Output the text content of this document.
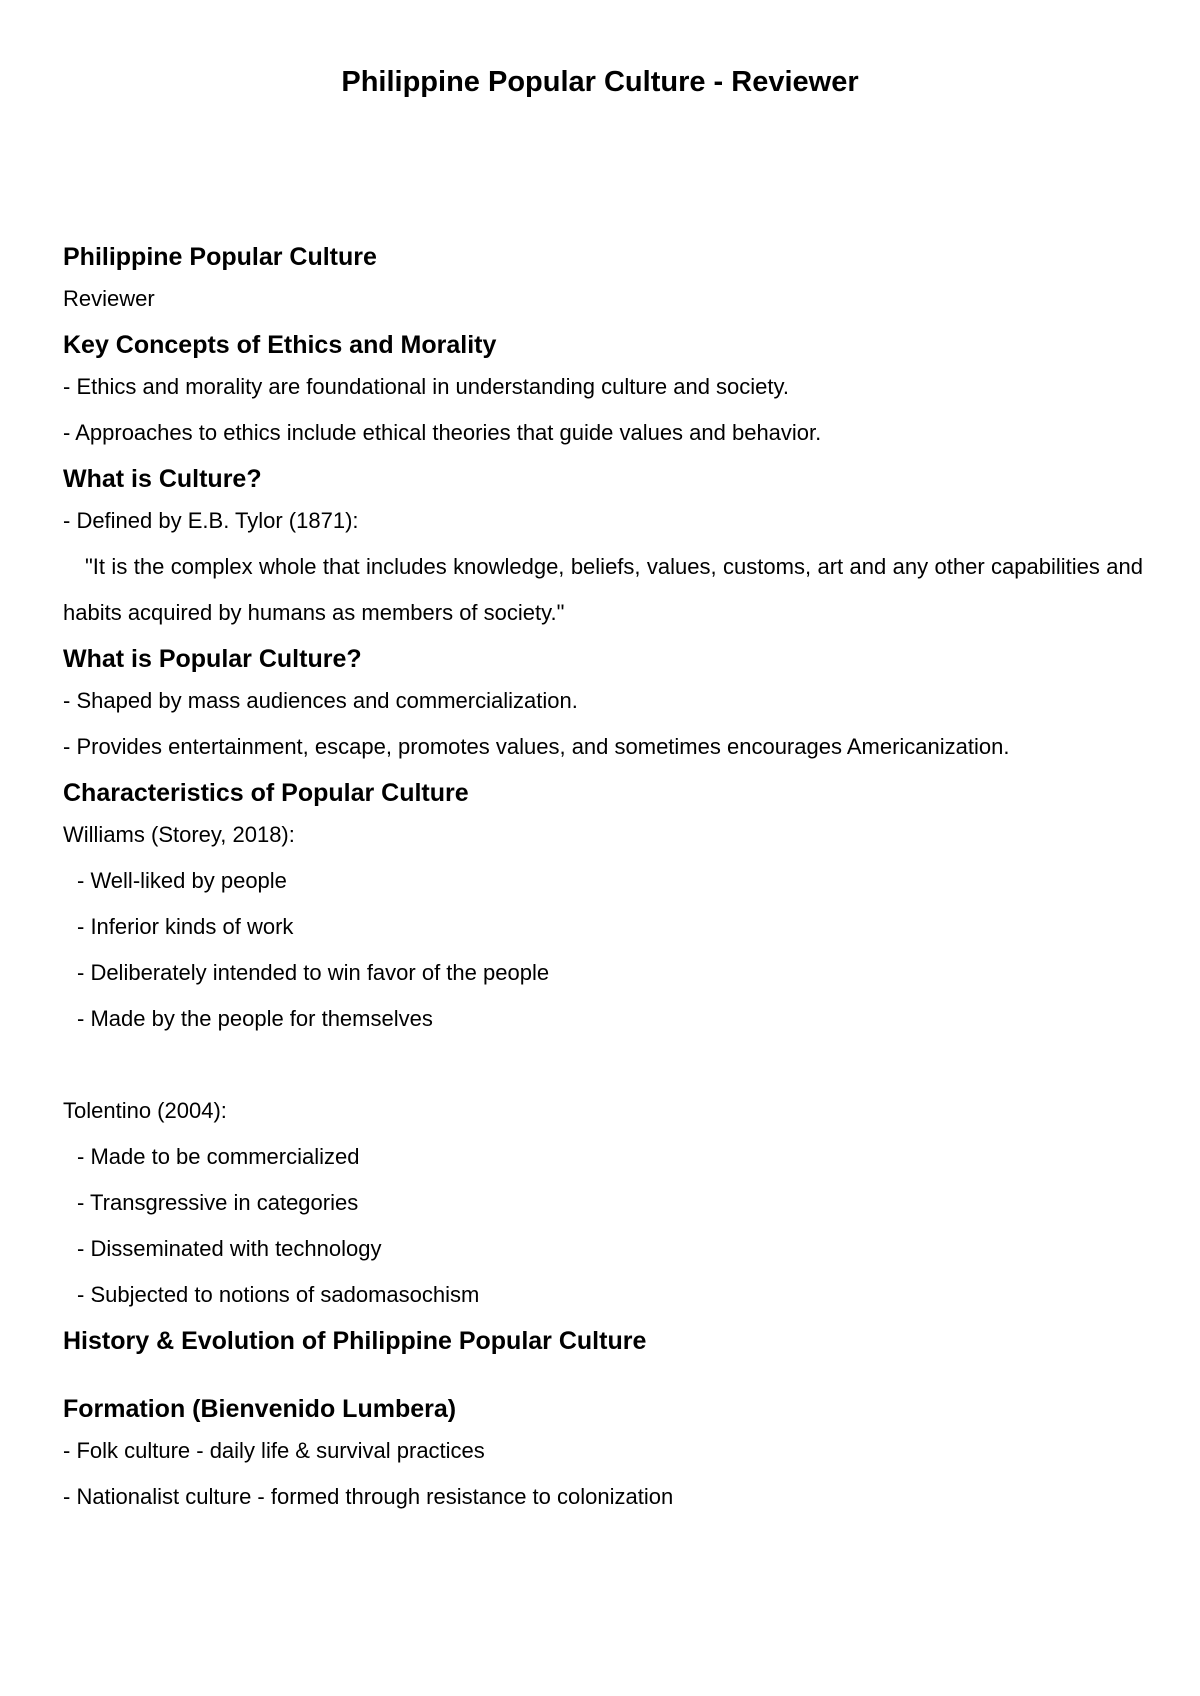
Philippine Popular Culture - Reviewer
Philippine Popular Culture

Reviewer

Key Concepts of Ethics and Morality

- Ethics and morality are foundational in understanding culture and society.

- Approaches to ethics include ethical theories that guide values and behavior.

What is Culture?

- Defined by E.B. Tylor (1871):

"It is the complex whole that includes knowledge, beliefs, values, customs, art and any other capabilities and habits acquired by humans as members of society."

What is Popular Culture?

- Shaped by mass audiences and commercialization.

- Provides entertainment, escape, promotes values, and sometimes encourages Americanization.

Characteristics of Popular Culture

Williams (Storey, 2018):

- Well-liked by people

- Inferior kinds of work

- Deliberately intended to win favor of the people

- Made by the people for themselves

Tolentino (2004):

- Made to be commercialized

- Transgressive in categories

- Disseminated with technology

- Subjected to notions of sadomasochism

History & Evolution of Philippine Popular Culture
Formation (Bienvenido Lumbera)

- Folk culture - daily life & survival practices

- Nationalist culture - formed through resistance to colonization
